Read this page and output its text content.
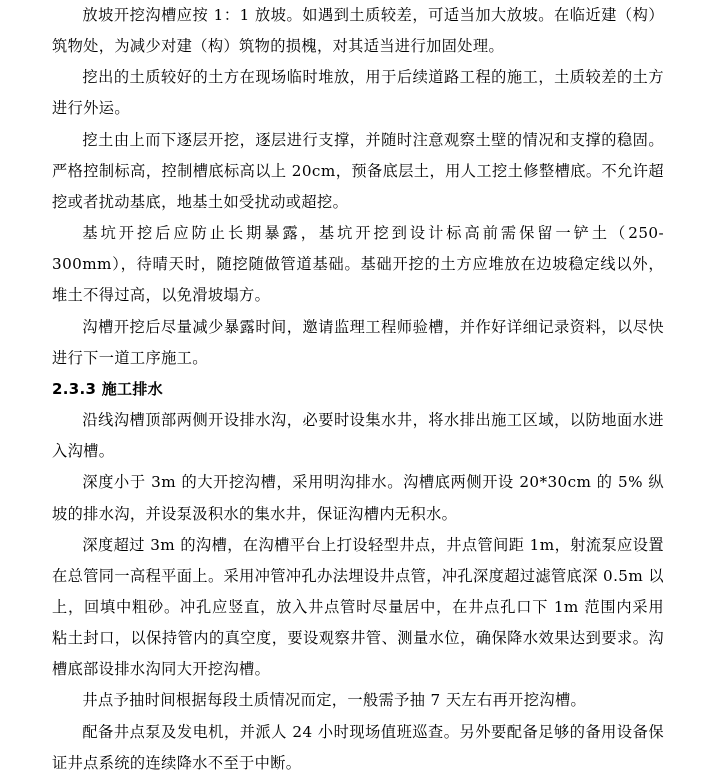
放坡开挖沟槽应按 1：1 放坡。如遇到土质较差，可适当加大放坡。在临近建（构）筑物处，为减少对建（构）筑物的损槐，对其适当进行加固处理。

挖出的土质较好的土方在现场临时堆放，用于后续道路工程的施工，土质较差的土方进行外运。

挖土由上而下逐层开挖，逐层进行支撑，并随时注意观察土壁的情况和支撑的稳固。严格控制标高，控制槽底标高以上 20cm，预备底层土，用人工挖土修整槽底。不允许超挖或者扰动基底，地基土如受扰动或超挖。

基坑开挖后应防止长期暴露，基坑开挖到设计标高前需保留一铲土（250-300mm），待晴天时，随挖随做管道基础。基础开挖的土方应堆放在边坡稳定线以外，堆土不得过高，以免滑坡塌方。

沟槽开挖后尽量减少暴露时间，邀请监理工程师验槽，并作好详细记录资料，以尽快进行下一道工序施工。

2.3.3 施工排水

沿线沟槽顶部两侧开设排水沟，必要时设集水井，将水排出施工区域，以防地面水进入沟槽。

深度小于 3m 的大开挖沟槽，采用明沟排水。沟槽底两侧开设 20*30cm 的 5% 纵坡的排水沟，并设泵汲积水的集水井，保证沟槽内无积水。

深度超过 3m 的沟槽，在沟槽平台上打设轻型井点，井点管间距 1m，射流泵应设置在总管同一高程平面上。采用冲管冲孔办法埋设井点管，冲孔深度超过滤管底深 0.5m 以上，回填中粗砂。冲孔应竖直，放入井点管时尽量居中，在井点孔口下 1m 范围内采用粘土封口，以保持管内的真空度，要设观察井管、测量水位，确保降水效果达到要求。沟槽底部设排水沟同大开挖沟槽。

井点予抽时间根据每段土质情况而定，一般需予抽 7 天左右再开挖沟槽。

配备井点泵及发电机，并派人 24 小时现场值班巡查。另外要配备足够的备用设备保证井点系统的连续降水不至于中断。
